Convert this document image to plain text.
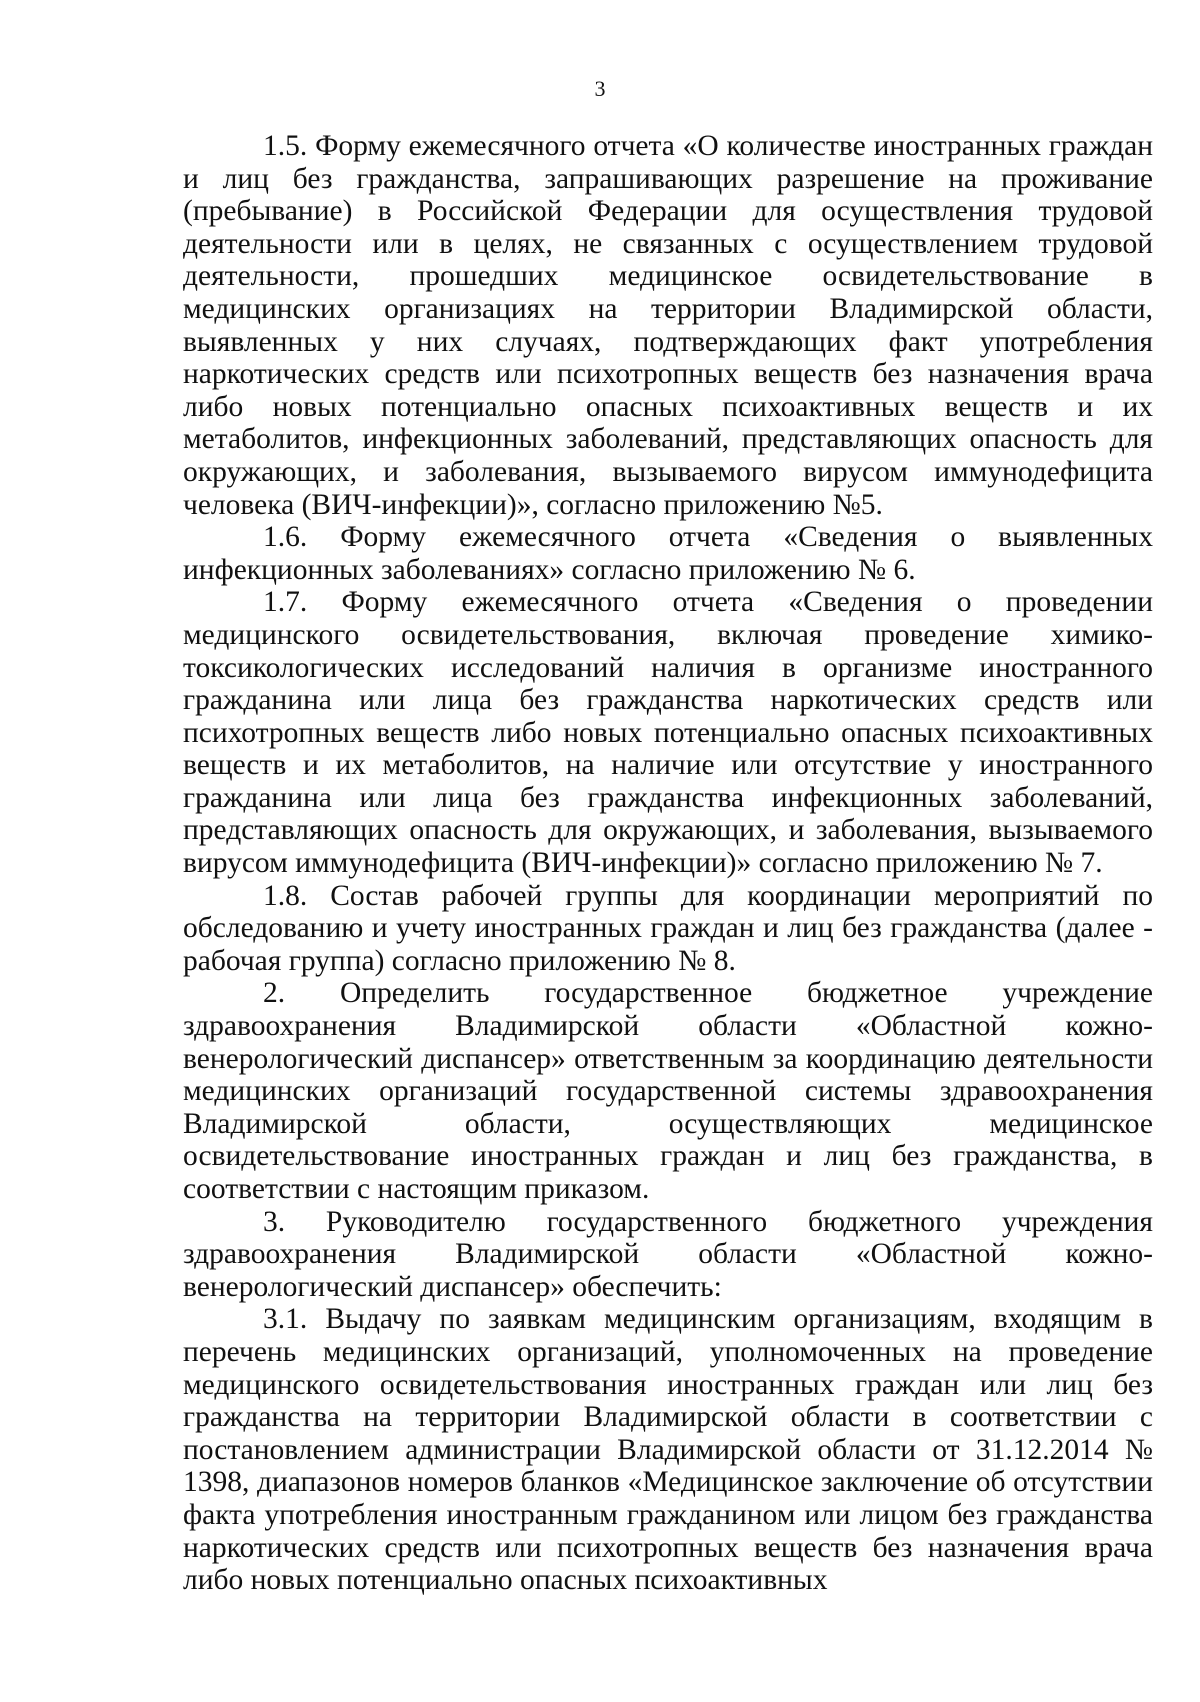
3

1.5. Форму ежемесячного отчета «О количестве иностранных граждан и лиц без гражданства, запрашивающих разрешение на проживание (пребывание) в Российской Федерации для осуществления трудовой деятельности или в целях, не связанных с осуществлением трудовой деятельности, прошедших медицинское освидетельствование в медицинских организациях на территории Владимирской области, выявленных у них случаях, подтверждающих факт употребления наркотических средств или психотропных веществ без назначения врача либо новых потенциально опасных психоактивных веществ и их метаболитов, инфекционных заболеваний, представляющих опасность для окружающих, и заболевания, вызываемого вирусом иммунодефицита человека (ВИЧ-инфекции)», согласно приложению №5.

1.6. Форму ежемесячного отчета «Сведения о выявленных инфекционных заболеваниях» согласно приложению № 6.

1.7. Форму ежемесячного отчета «Сведения о проведении медицинского освидетельствования, включая проведение химико-токсикологических исследований наличия в организме иностранного гражданина или лица без гражданства наркотических средств или психотропных веществ либо новых потенциально опасных психоактивных веществ и их метаболитов, на наличие или отсутствие у иностранного гражданина или лица без гражданства инфекционных заболеваний, представляющих опасность для окружающих, и заболевания, вызываемого вирусом иммунодефицита (ВИЧ-инфекции)» согласно приложению № 7.

1.8. Состав рабочей группы для координации мероприятий по обследованию и учету иностранных граждан и лиц без гражданства (далее - рабочая группа) согласно приложению № 8.

2. Определить государственное бюджетное учреждение здравоохранения Владимирской области «Областной кожно-венерологический диспансер» ответственным за координацию деятельности медицинских организаций государственной системы здравоохранения Владимирской области, осуществляющих медицинское освидетельствование иностранных граждан и лиц без гражданства, в соответствии с настоящим приказом.

3. Руководителю государственного бюджетного учреждения здравоохранения Владимирской области «Областной кожно-венерологический диспансер» обеспечить:

3.1. Выдачу по заявкам медицинским организациям, входящим в перечень медицинских организаций, уполномоченных на проведение медицинского освидетельствования иностранных граждан или лиц без гражданства на территории Владимирской области в соответствии с постановлением администрации Владимирской области от 31.12.2014 № 1398, диапазонов номеров бланков «Медицинское заключение об отсутствии факта употребления иностранным гражданином или лицом без гражданства наркотических средств или психотропных веществ без назначения врача либо новых потенциально опасных психоактивных
